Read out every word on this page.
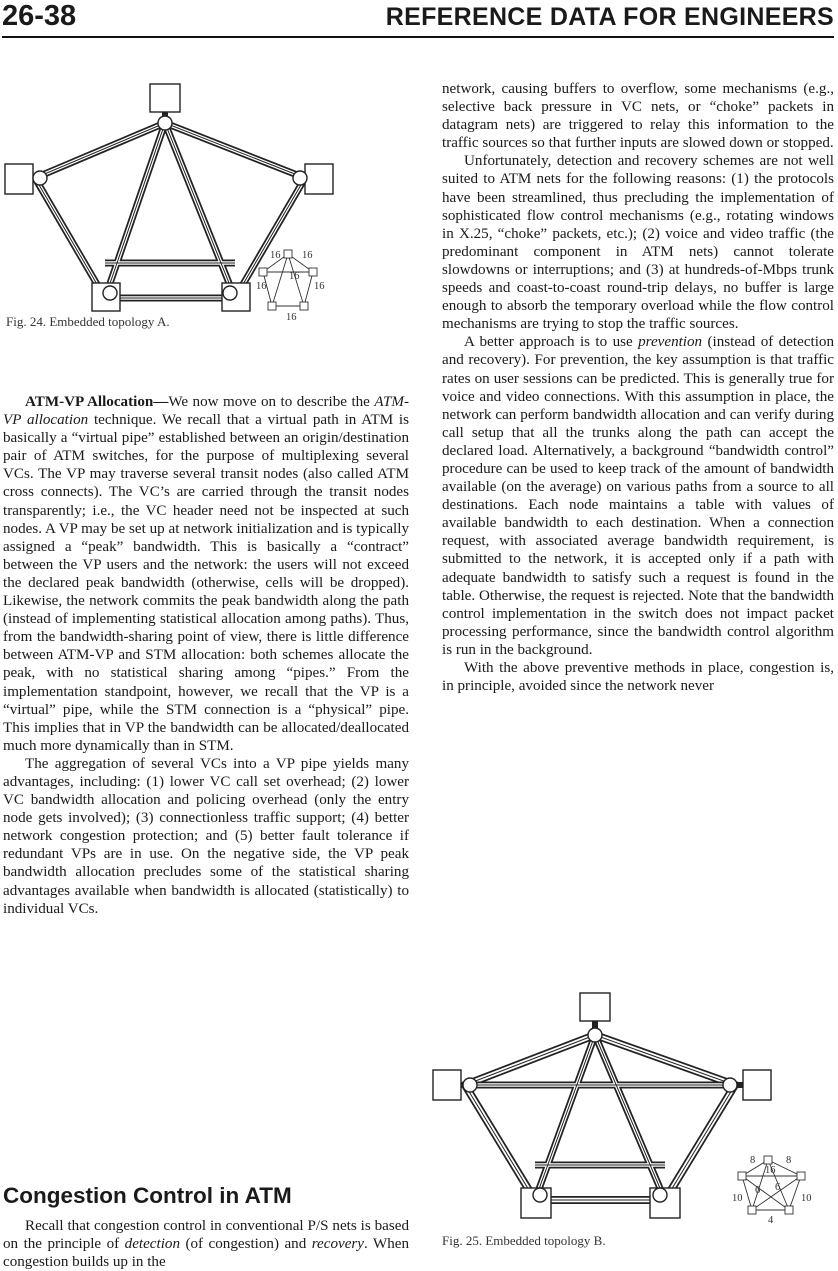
26-38	REFERENCE DATA FOR ENGINEERS
16 16
16
16	16
16
Fig. 24. Embedded topology A.

ATM-VP Allocation—We now move on to describe the ATM-VP allocation technique. We recall that a virtual path in ATM is basically a “virtual pipe” established between an origin/destination pair of ATM switches, for the purpose of multiplexing several VCs. The VP may traverse several transit nodes (also called ATM cross connects). The VC’s are carried through the transit nodes transparently; i.e., the VC header need not be inspected at such nodes. A VP may be set up at network initialization and is typically assigned a “peak” bandwidth. This is basically a “contract” between the VP users and the network: the users will not exceed the declared peak bandwidth (otherwise, cells will be dropped). Likewise, the network commits the peak bandwidth along the path (instead of implementing statistical allocation among paths). Thus, from the bandwidth-sharing point of view, there is little difference between ATM-VP and STM allocation: both schemes allocate the peak, with no statistical sharing among “pipes.” From the implementation standpoint, however, we recall that the VP is a “virtual” pipe, while the STM connection is a “physical” pipe. This implies that in VP the bandwidth can be allocated/deallocated much more dynamically than in STM.

The aggregation of several VCs into a VP pipe yields many advantages, including: (1) lower VC call set overhead; (2) lower VC bandwidth allocation and policing overhead (only the entry node gets involved); (3) connectionless traffic support; (4) better network congestion protection; and (5) better fault tolerance if redundant VPs are in use. On the negative side, the VP peak bandwidth allocation precludes some of the statistical sharing advantages available when bandwidth is allocated (statistically) to individual VCs.

Congestion Control in ATM

Recall that congestion control in conventional P/S nets is based on the principle of detection (of congestion) and recovery. When congestion builds up in the

network, causing buffers to overflow, some mechanisms (e.g., selective back pressure in VC nets, or “choke” packets in datagram nets) are triggered to relay this information to the traffic sources so that further inputs are slowed down or stopped.

Unfortunately, detection and recovery schemes are not well suited to ATM nets for the following reasons: (1) the protocols have been streamlined, thus precluding the implementation of sophisticated flow control mechanisms (e.g., rotating windows in X.25, “choke” packets, etc.); (2) voice and video traffic (the predominant component in ATM nets) cannot tolerate slowdowns or interruptions; and (3) at hundreds-of-Mbps trunk speeds and coast-to-coast round-trip delays, no buffer is large enough to absorb the temporary overload while the flow control mechanisms are trying to stop the traffic sources.

A better approach is to use prevention (instead of detection and recovery). For prevention, the key assumption is that traffic rates on user sessions can be predicted. This is generally true for voice and video connections. With this assumption in place, the network can perform bandwidth allocation and can verify during call setup that all the trunks along the path can accept the declared load. Alternatively, a background “bandwidth control” procedure can be used to keep track of the amount of bandwidth available (on the average) on various paths from a source to all destinations. Each node maintains a table with values of available bandwidth to each destination. When a connection request, with associated average bandwidth requirement, is submitted to the network, it is accepted only if a path with adequate bandwidth to satisfy such a request is found in the table. Otherwise, the request is rejected. Note that the bandwidth control implementation in the switch does not impact packet processing performance, since the bandwidth control algorithm is run in the background.

With the above preventive methods in place, congestion is, in principle, avoided since the network never

8	8
16
6
6
10	10
4
Fig. 25. Embedded topology B.
